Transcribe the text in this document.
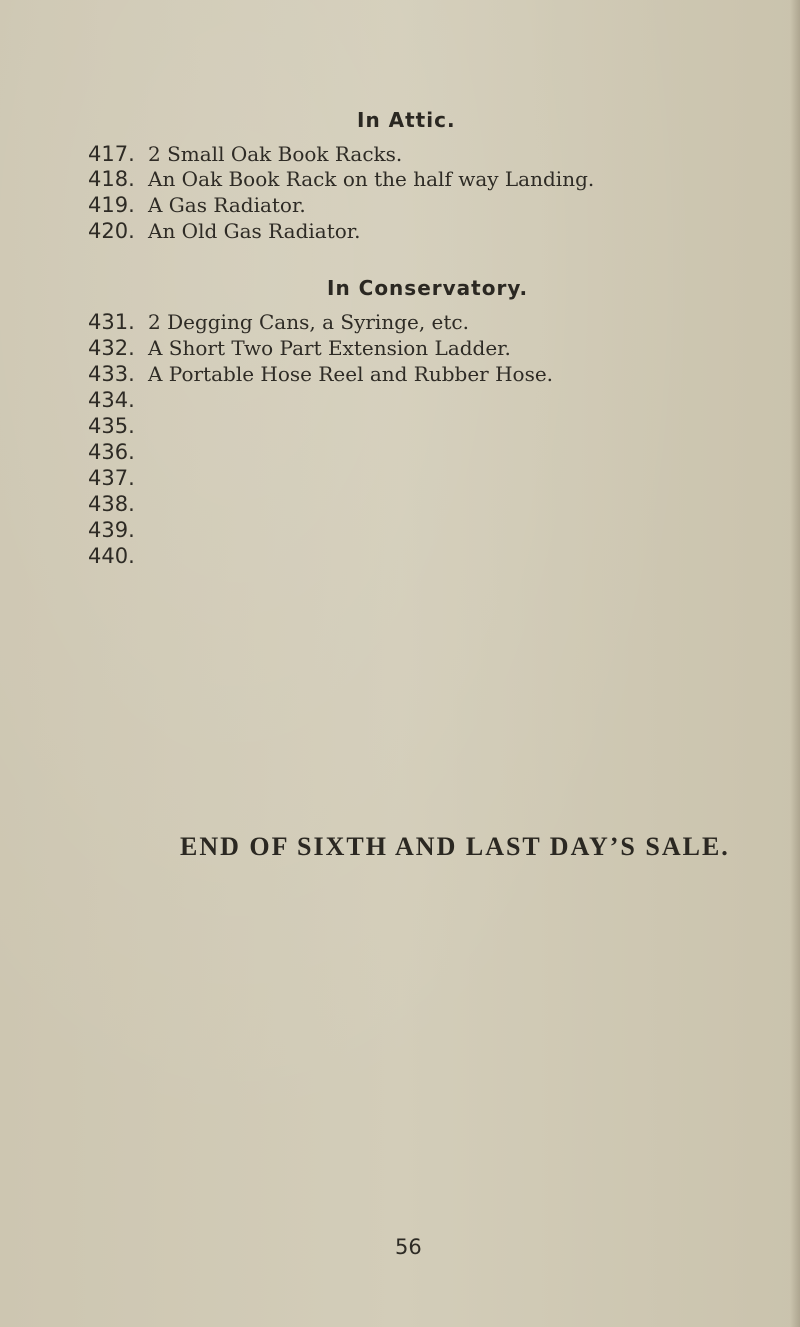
In Attic.
417. 2 Small Oak Book Racks.
418. An Oak Book Rack on the half way Landing.
419. A Gas Radiator.
420. An Old Gas Radiator.
In Conservatory.
431. 2 Degging Cans, a Syringe, etc.
432. A Short Two Part Extension Ladder.
433. A Portable Hose Reel and Rubber Hose.
434.
435.
436.
437.
438.
439.
440.
END OF SIXTH AND LAST DAY’S SALE.
56
